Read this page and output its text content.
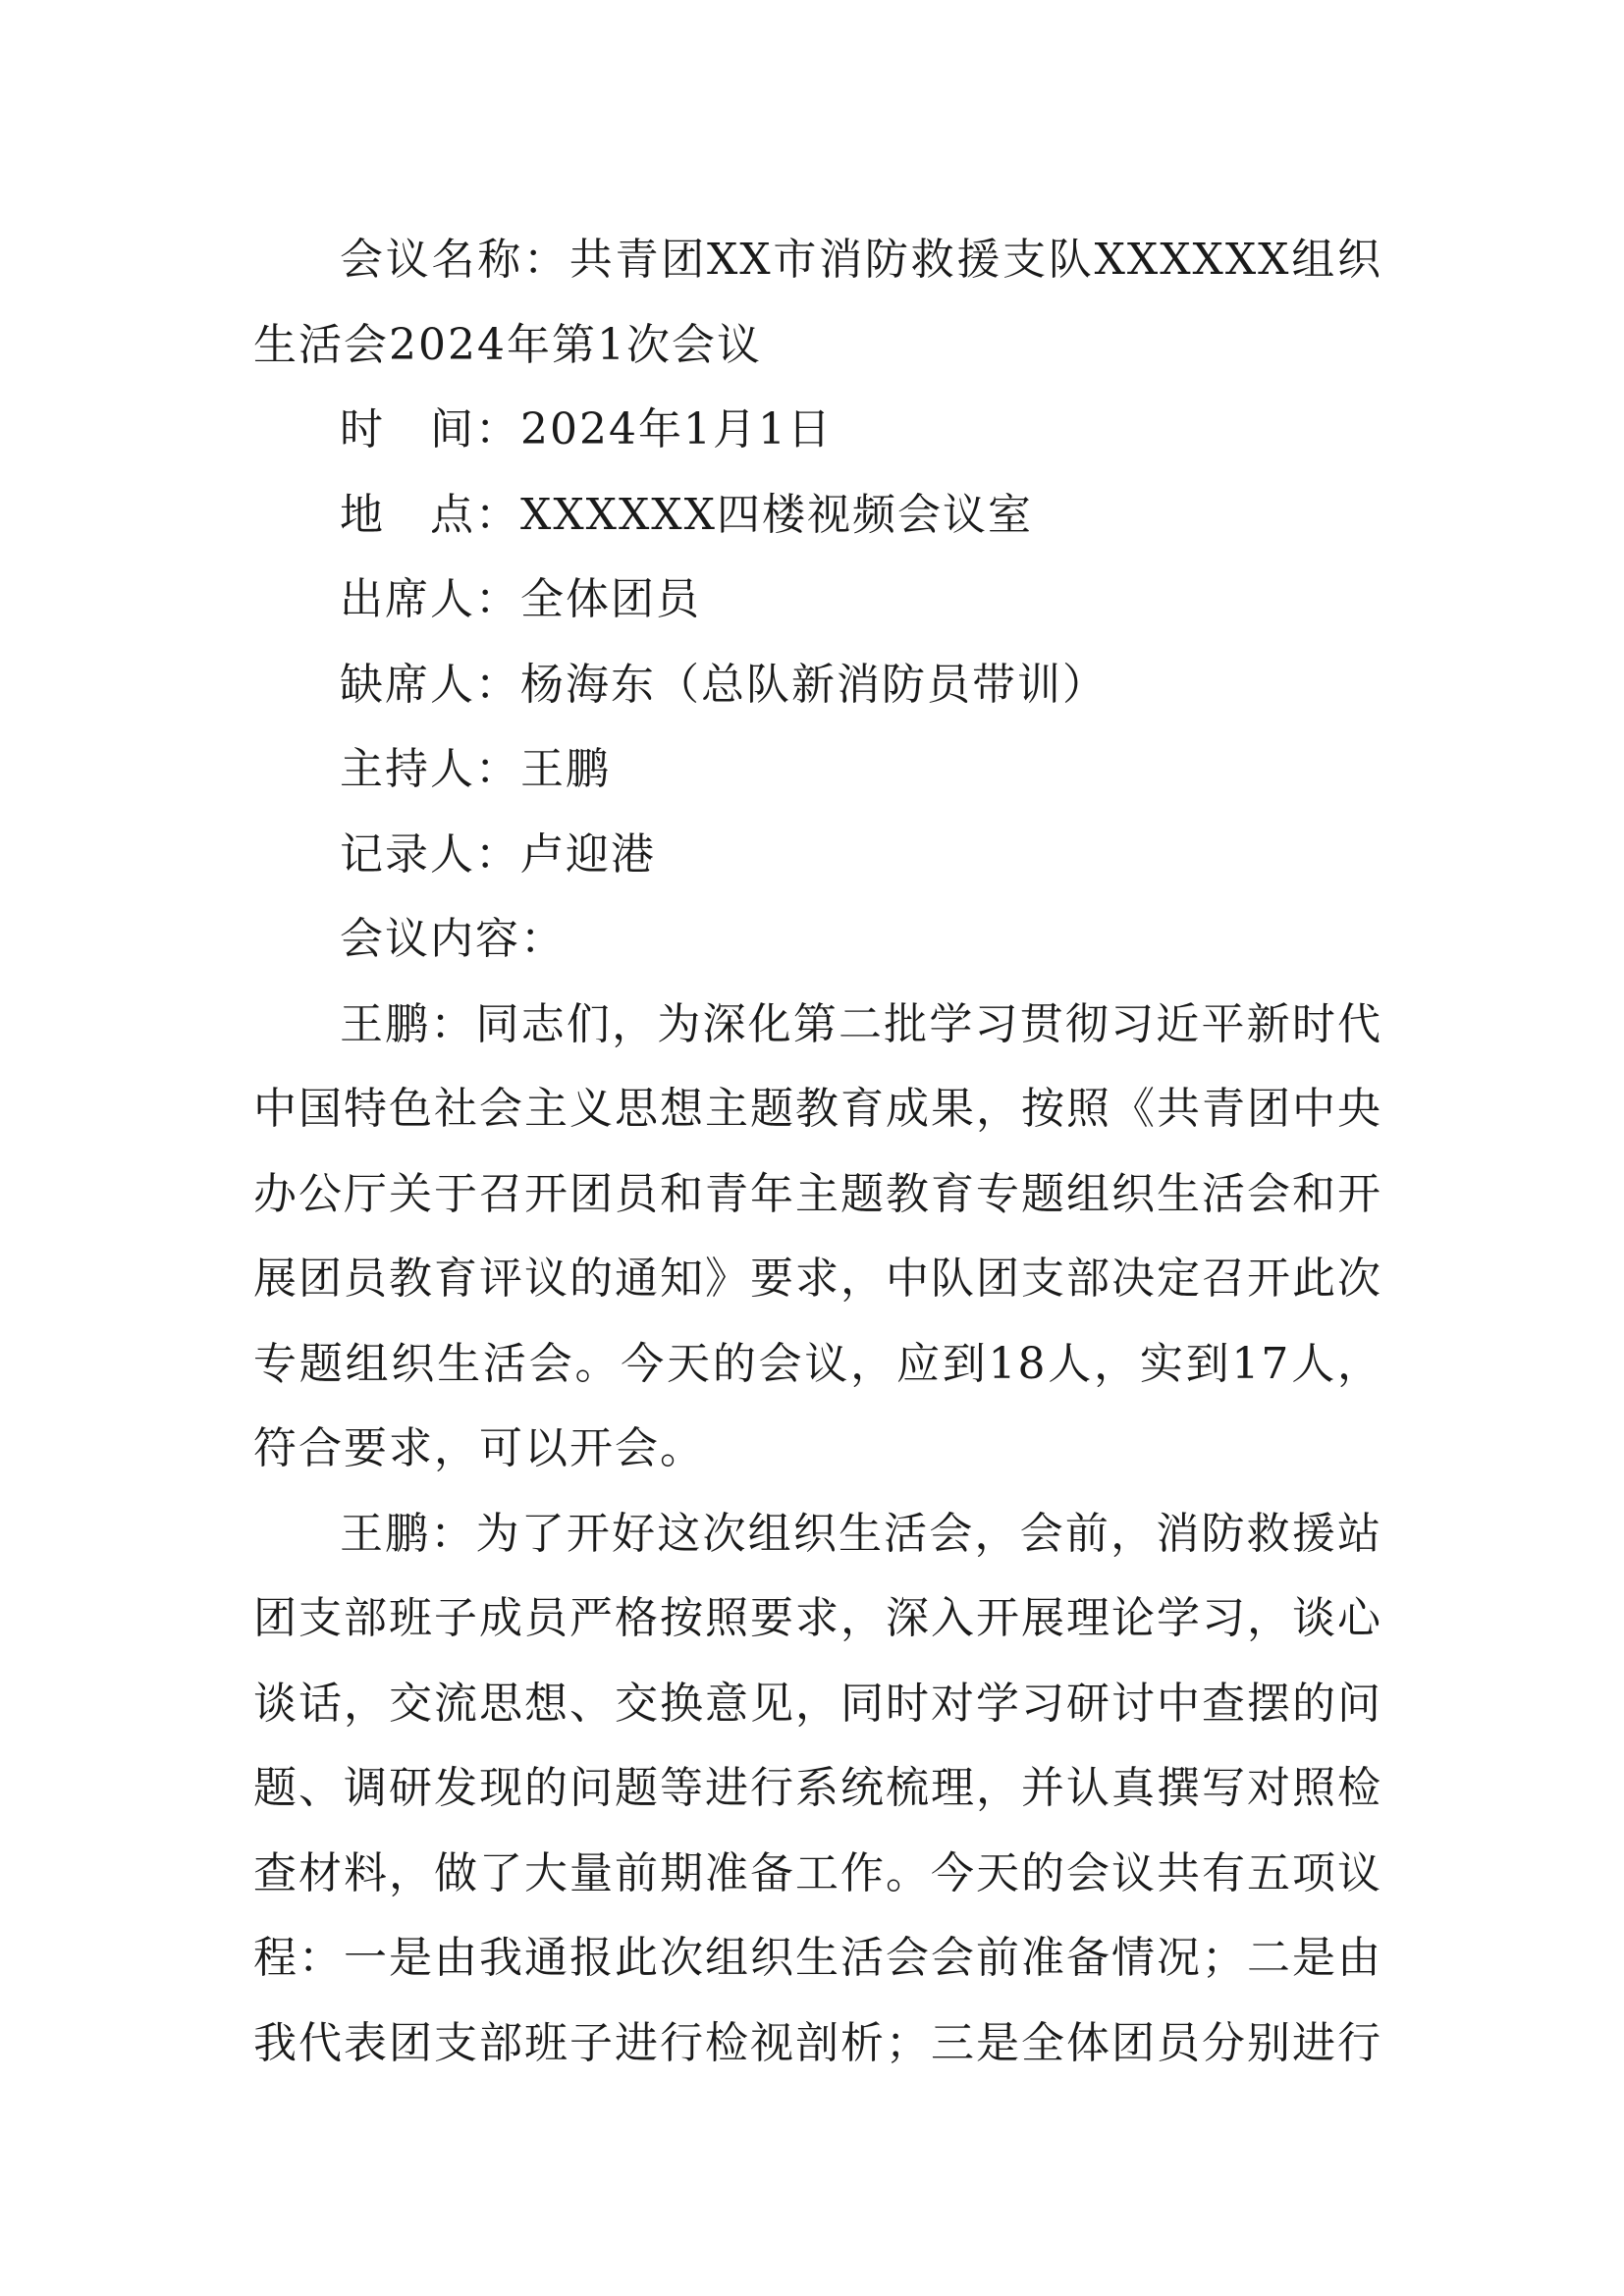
会议名称：共青团XX市消防救援支队XXXXXX组织生活会2024年第1次会议

时　间：2024年1月1日

地　点：XXXXXX四楼视频会议室

出席人：全体团员

缺席人：杨海东（总队新消防员带训）

主持人：王鹏

记录人：卢迎港

会议内容：

王鹏：同志们，为深化第二批学习贯彻习近平新时代中国特色社会主义思想主题教育成果，按照《共青团中央办公厅关于召开团员和青年主题教育专题组织生活会和开展团员教育评议的通知》要求，中队团支部决定召开此次专题组织生活会。今天的会议，应到18人，实到17人，符合要求，可以开会。

王鹏：为了开好这次组织生活会，会前，消防救援站团支部班子成员严格按照要求，深入开展理论学习，谈心谈话，交流思想、交换意见，同时对学习研讨中查摆的问题、调研发现的问题等进行系统梳理，并认真撰写对照检查材料，做了大量前期准备工作。今天的会议共有五项议程：一是由我通报此次组织生活会会前准备情况；二是由我代表团支部班子进行检视剖析；三是全体团员分别进行
